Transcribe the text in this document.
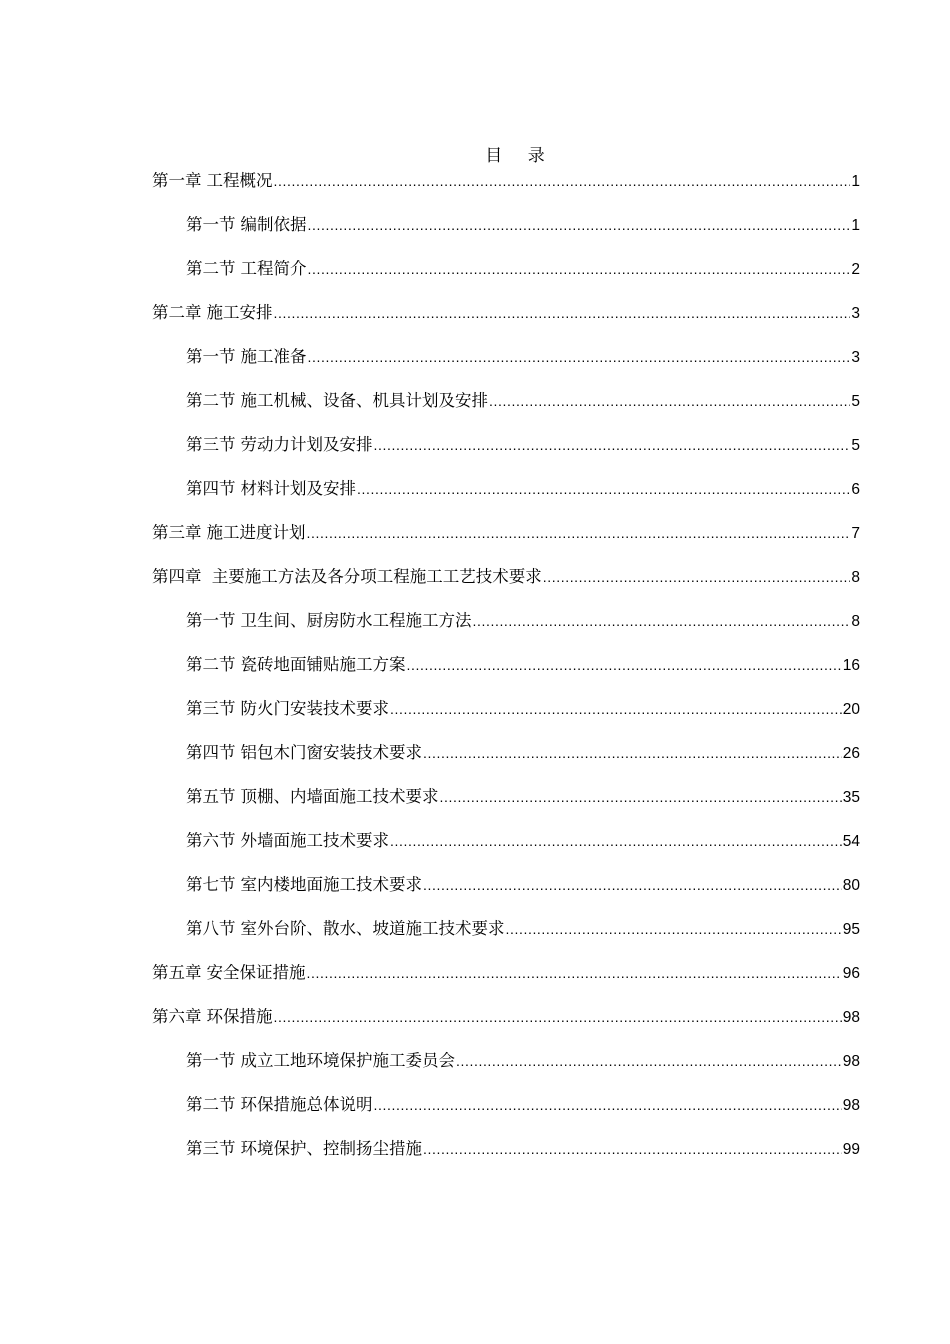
目 录
第一章 工程概况 .....	1
第一节 编制依据 .....	1
第二节 工程简介 .....	2
第二章 施工安排 .....	3
第一节 施工准备 .....	3
第二节 施工机械、设备、机具计划及安排 .....	5
第三节 劳动力计划及安排 .....	5
第四节 材料计划及安排 .....	6
第三章 施工进度计划 .....	7
第四章 主要施工方法及各分项工程施工工艺技术要求 .....	8
第一节 卫生间、厨房防水工程施工方法 .....	8
第二节 瓷砖地面铺贴施工方案 .....	16
第三节 防火门安装技术要求 .....	20
第四节 铝包木门窗安装技术要求 .....	26
第五节 顶棚、内墙面施工技术要求 .....	35
第六节 外墙面施工技术要求 .....	54
第七节 室内楼地面施工技术要求 .....	80
第八节 室外台阶、散水、坡道施工技术要求 .....	95
第五章 安全保证措施 .....	96
第六章 环保措施 .....	98
第一节 成立工地环境保护施工委员会 .....	98
第二节 环保措施总体说明 .....	98
第三节 环境保护、控制扬尘措施 .....	99
